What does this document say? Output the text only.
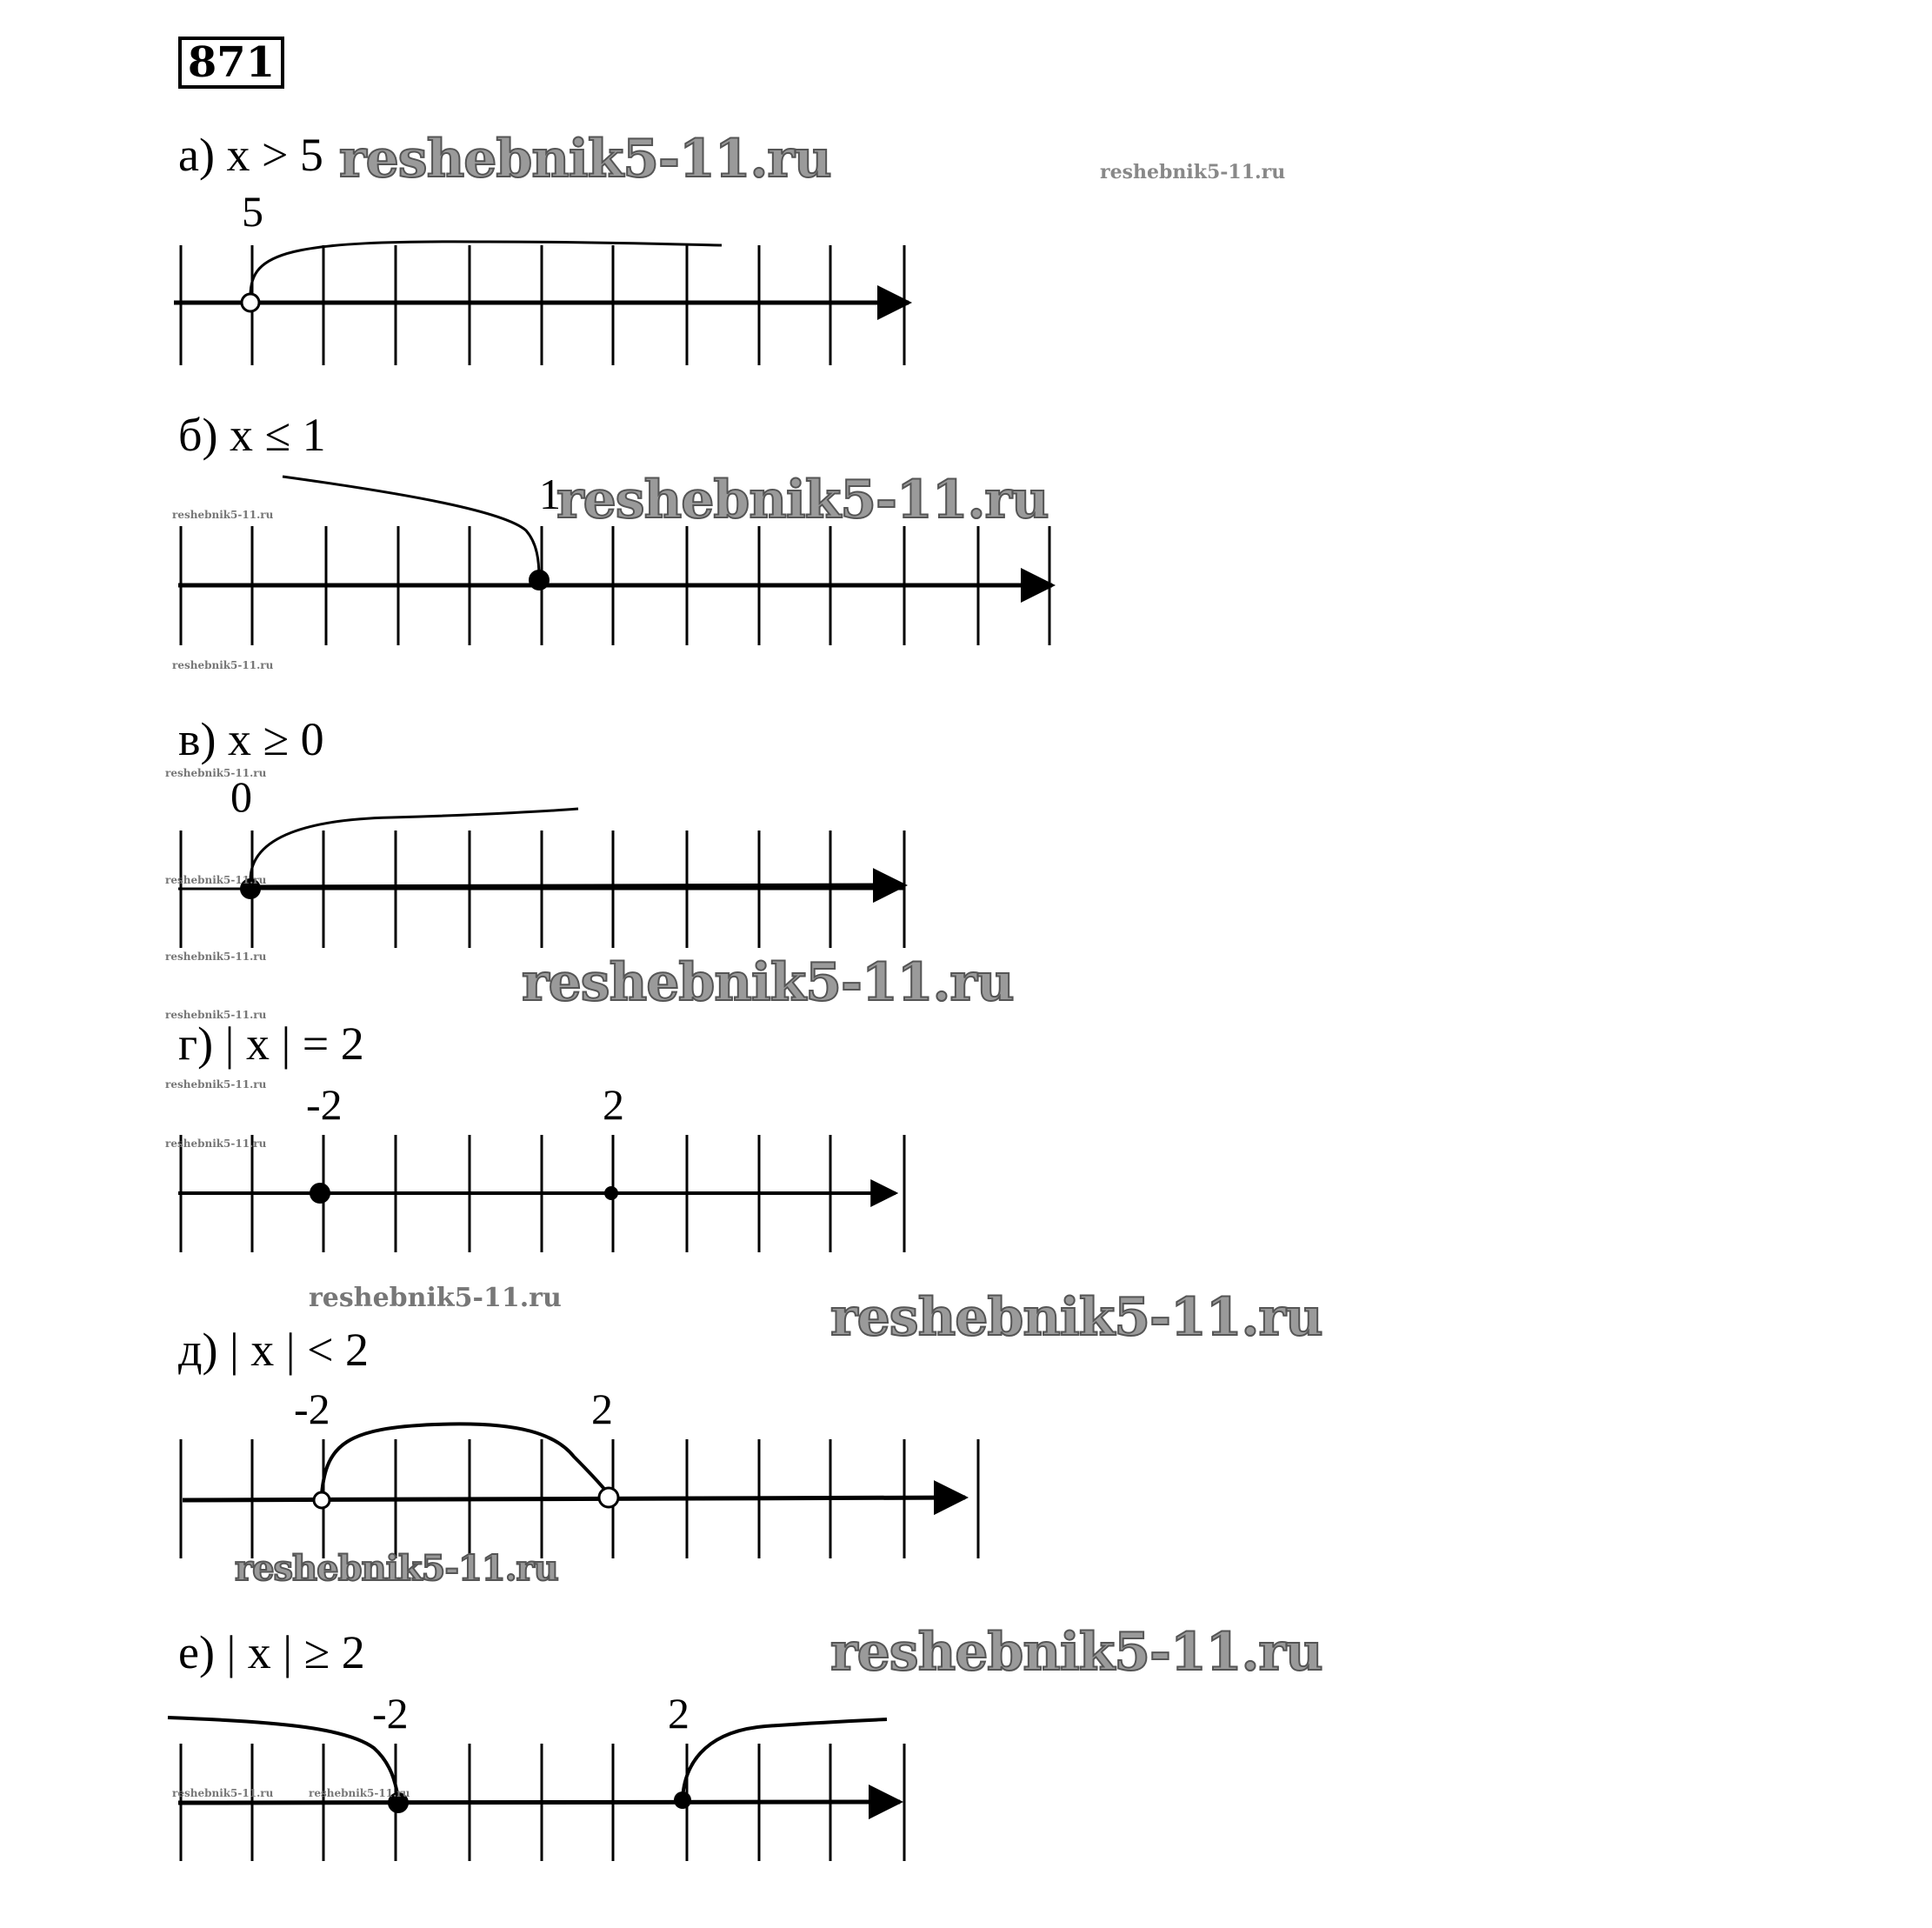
871
а) x > 5
5
б) x ≤ 1
1
в) x ≥ 0
0
г) | x | = 2
-2	2
д) | x | < 2
-2	2
е) | x | ≥ 2
-2	2
reshebnik5-11.ru	reshebnik5-11.ru
reshebnik5-11.ru
reshebnik5-11.ru
reshebnik5-11.ru
reshebnik5-11.ru
reshebnik5-11.ru
reshebnik5-11.ru	reshebnik5-11.ru
reshebnik5-11.ru
reshebnik5-11.ru
reshebnik5-11.ru
reshebnik5-11.ru	reshebnik5-11.ru
reshebnik5-11.ru
reshebnik5-11.ru
reshebnik5-11.ru	reshebnik5-11.ru
